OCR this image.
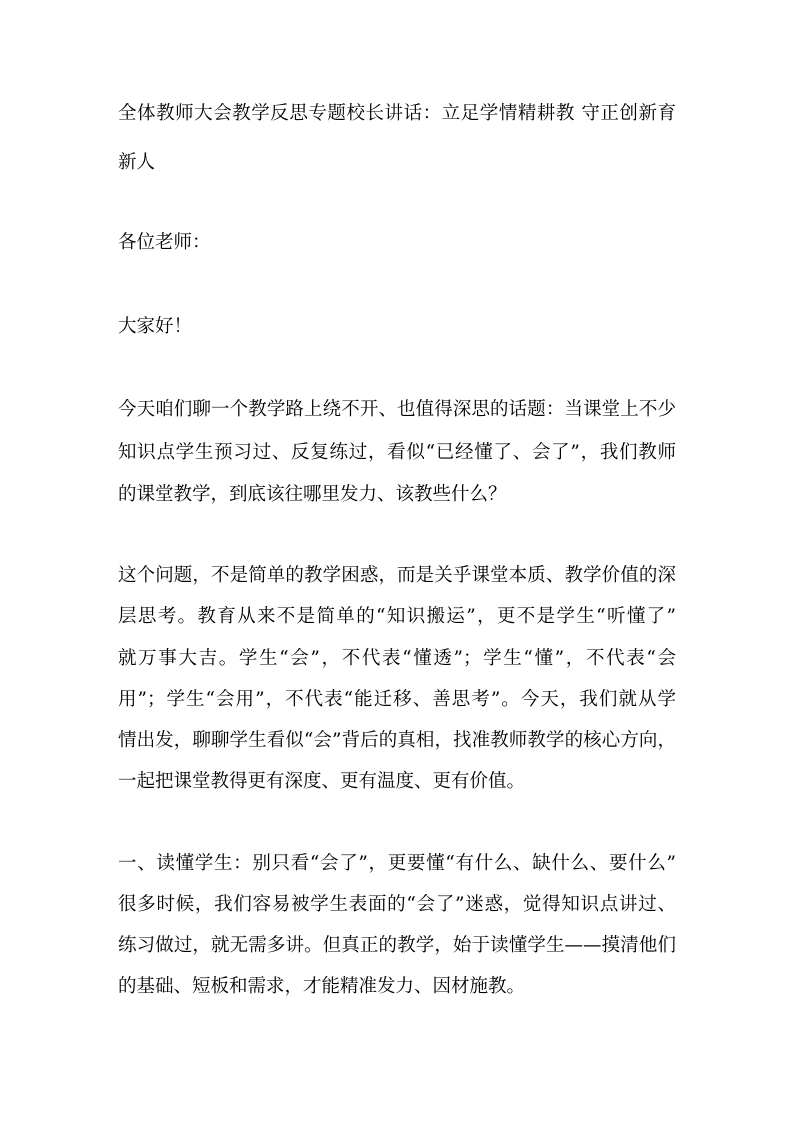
全体教师大会教学反思专题校长讲话：立足学情精耕教 守正创新育
新人
各位老师：
大家好！
今天咱们聊一个教学路上绕不开、也值得深思的话题：当课堂上不少
知识点学生预习过、反复练过，看似“已经懂了、会了”，我们教师
的课堂教学，到底该往哪里发力、该教些什么？
这个问题，不是简单的教学困惑，而是关乎课堂本质、教学价值的深
层思考。教育从来不是简单的“知识搬运”，更不是学生“听懂了”
就万事大吉。学生“会”，不代表“懂透”；学生“懂”，不代表“会
用”；学生“会用”，不代表“能迁移、善思考”。今天，我们就从学
情出发，聊聊学生看似“会”背后的真相，找准教师教学的核心方向，
一起把课堂教得更有深度、更有温度、更有价值。
一、读懂学生：别只看“会了”，更要懂“有什么、缺什么、要什么”
很多时候，我们容易被学生表面的“会了”迷惑，觉得知识点讲过、
练习做过，就无需多讲。但真正的教学，始于读懂学生——摸清他们
的基础、短板和需求，才能精准发力、因材施教。
